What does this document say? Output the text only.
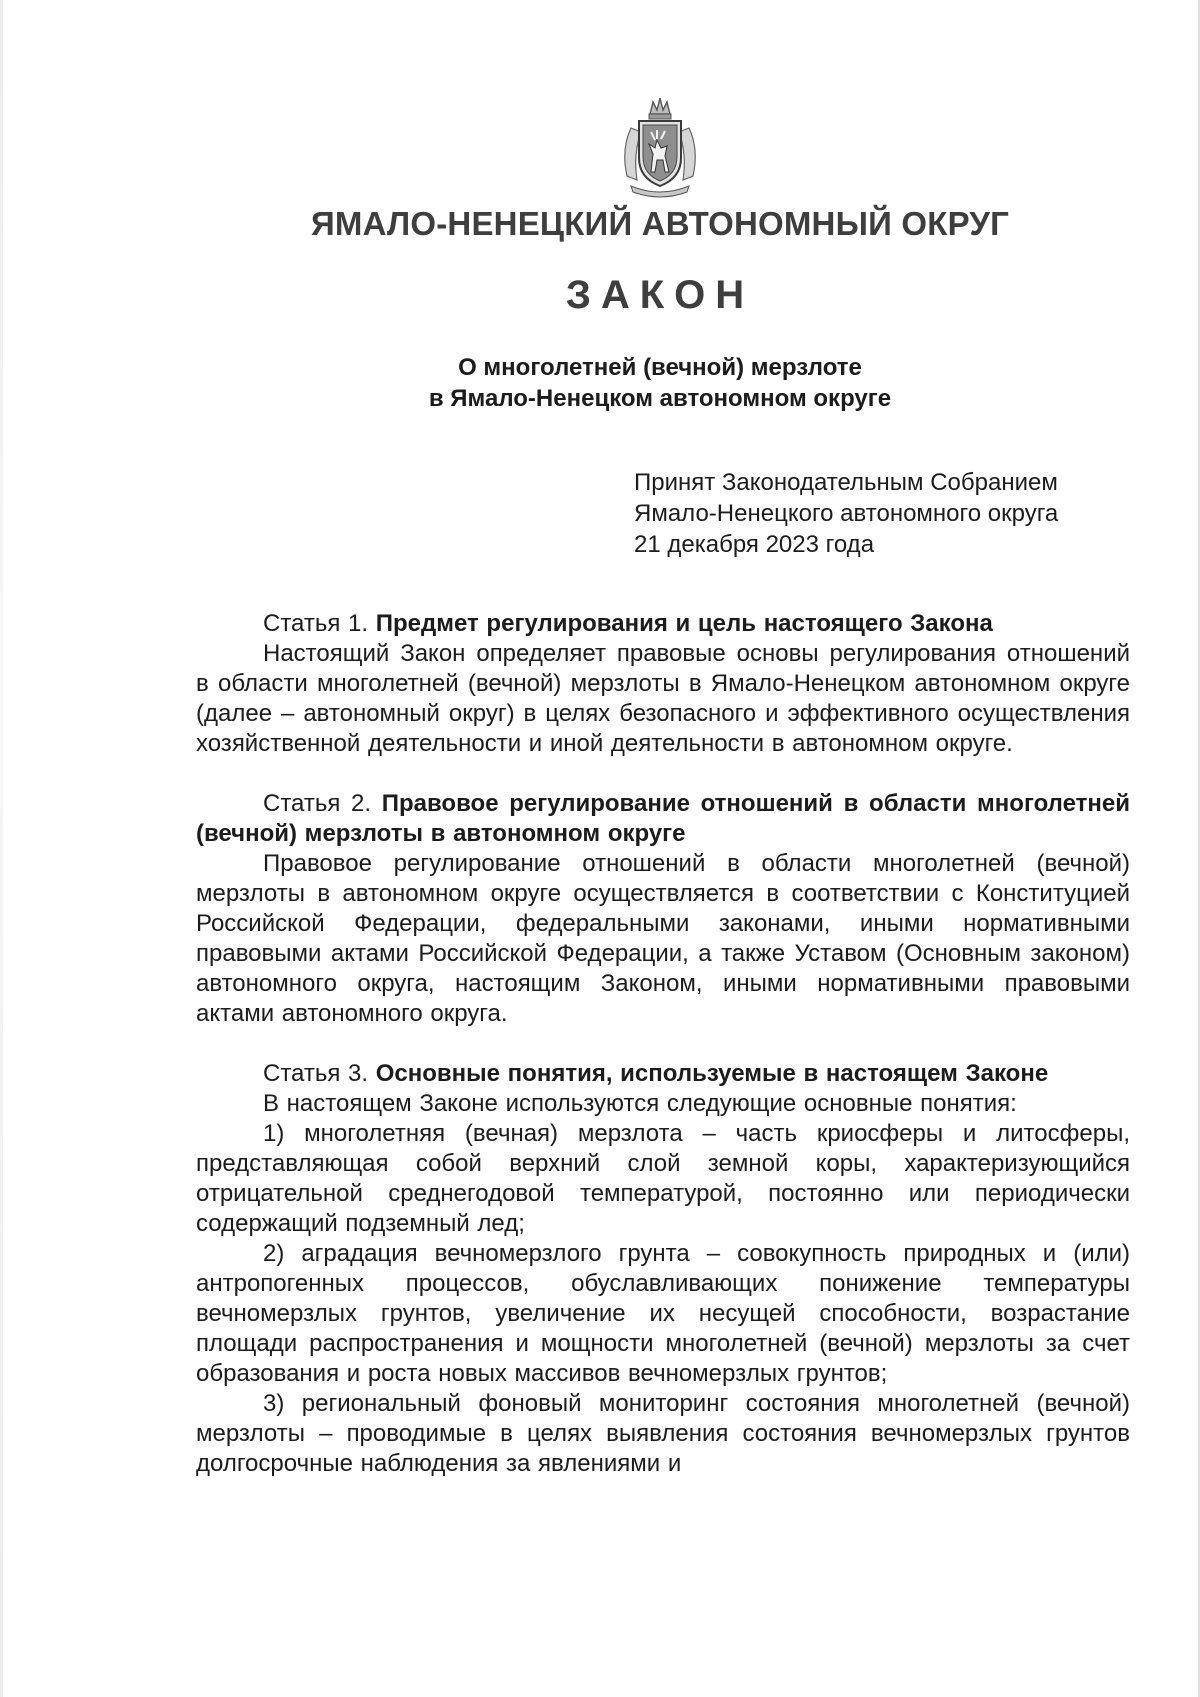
ЯМАЛО-НЕНЕЦКИЙ АВТОНОМНЫЙ ОКРУГ
ЗАКОН
О многолетней (вечной) мерзлоте
в Ямало-Ненецком автономном округе
Принят Законодательным Собранием
Ямало-Ненецкого автономного округа
21 декабря 2023 года

Статья 1. Предмет регулирования и цель настоящего Закона

Настоящий Закон определяет правовые основы регулирования отношений в области многолетней (вечной) мерзлоты в Ямало-Ненецком автономном округе (далее – автономный округ) в целях безопасного и эффективного осуществления хозяйственной деятельности и иной деятельности в автономном округе.

Статья 2. Правовое регулирование отношений в области многолетней (вечной) мерзлоты в автономном округе

Правовое регулирование отношений в области многолетней (вечной) мерзлоты в автономном округе осуществляется в соответствии с Конституцией Российской Федерации, федеральными законами, иными нормативными правовыми актами Российской Федерации, а также Уставом (Основным законом) автономного округа, настоящим Законом, иными нормативными правовыми актами автономного округа.

Статья 3. Основные понятия, используемые в настоящем Законе

В настоящем Законе используются следующие основные понятия:

1) многолетняя (вечная) мерзлота – часть криосферы и литосферы, представляющая собой верхний слой земной коры, характеризующийся отрицательной среднегодовой температурой, постоянно или периодически содержащий подземный лед;

2) аградация вечномерзлого грунта – совокупность природных и (или) антропогенных процессов, обуславливающих понижение температуры вечномерзлых грунтов, увеличение их несущей способности, возрастание площади распространения и мощности многолетней (вечной) мерзлоты за счет образования и роста новых массивов вечномерзлых грунтов;

3) региональный фоновый мониторинг состояния многолетней (вечной) мерзлоты – проводимые в целях выявления состояния вечномерзлых грунтов долгосрочные наблюдения за явлениями и
